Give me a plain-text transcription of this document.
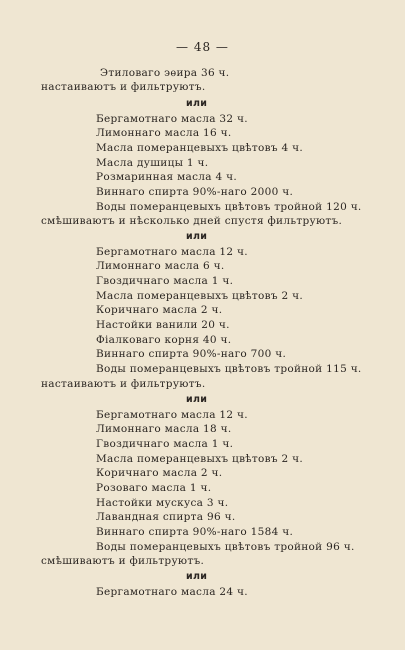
— 48 —
Этиловаго эѳира 36 ч.
настаиваютъ и фильтруютъ.
или
Бергамотнаго масла 32 ч.
Лимоннаго масла 16 ч.
Масла померанцевыхъ цвѣтовъ 4 ч.
Масла душицы 1 ч.
Розмаринная масла 4 ч.
Виннаго спирта 90%-наго 2000 ч.
Воды померанцевыхъ цвѣтовъ тройной 120 ч.
смѣшиваютъ и нѣсколько дней спустя фильтруютъ.
или
Бергамотнаго масла 12 ч.
Лимоннаго масла 6 ч.
Гвоздичнаго масла 1 ч.
Масла померанцевыхъ цвѣтовъ 2 ч.
Коричнаго масла 2 ч.
Настойки ванили 20 ч.
Фіалковаго корня 40 ч.
Виннаго спирта 90%-наго 700 ч.
Воды померанцевыхъ цвѣтовъ тройной 115 ч.
настаиваютъ и фильтруютъ.
или
Бергамотнаго масла 12 ч.
Лимоннаго масла 18 ч.
Гвоздичнаго масла 1 ч.
Масла померанцевыхъ цвѣтовъ 2 ч.
Коричнаго масла 2 ч.
Розоваго масла 1 ч.
Настойки мускуса 3 ч.
Лавандная спирта 96 ч.
Виннаго спирта 90%-наго 1584 ч.
Воды померанцевыхъ цвѣтовъ тройной 96 ч.
смѣшиваютъ и фильтруютъ.
или
Бергамотнаго масла 24 ч.
